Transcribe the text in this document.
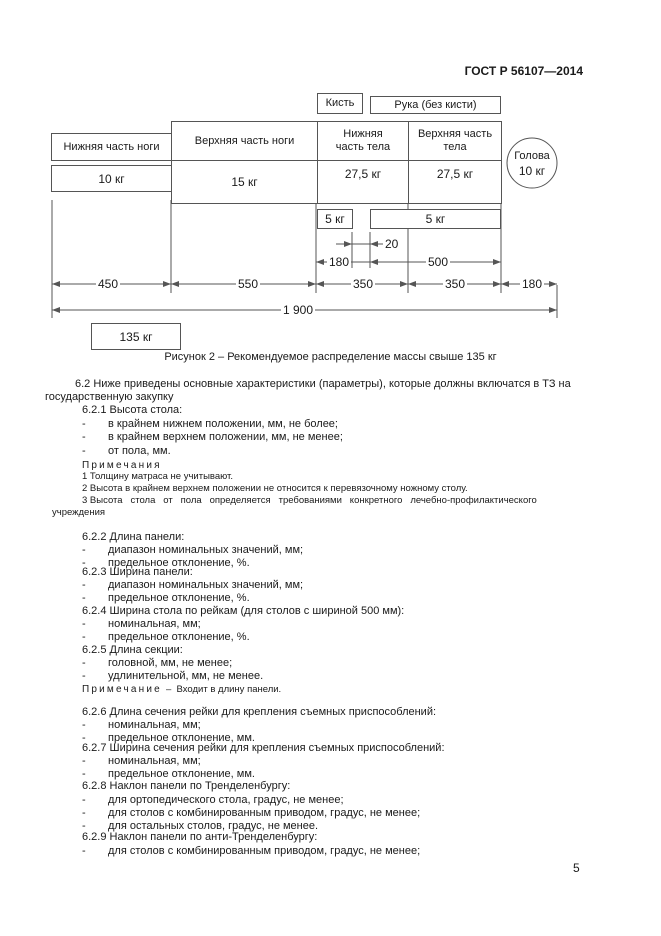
ГОСТ Р 56107—2014
Кисть	Рука (без кисти)
Нижняя часть ноги	Верхняя часть ноги
Нижняя часть тела
Верхняя часть тела
10 кг	15 кг
27,5 кг	27,5 кг
Голова
10 кг
5 кг	5 кг
20
180	500
450	550	350	350	180
1 900
135 кг
Рисунок 2 – Рекомендуемое распределение массы свыше 135 кг
6.2 Ниже приведены основные характеристики (параметры), которые должны включатся в ТЗ на
государственную закупку
6.2.1 Высота стола:
- в крайнем нижнем положении, мм, не более;
- в крайнем верхнем положении, мм, не менее;
- от пола, мм.
Примечания
1 Толщину матраса не учитывают.
2 Высота в крайнем верхнем положении не относится к перевязочному ножному столу.
3 Высота   стола   от   пола   определяется   требованиями   конкретного   лечебно-профилактического
учреждения
6.2.2 Длина панели:
- диапазон номинальных значений, мм;
- предельное отклонение, %.
6.2.3 Ширина панели:
- диапазон номинальных значений, мм;
- предельное отклонение, %.
6.2.4 Ширина стола по рейкам (для столов с шириной 500 мм):
- номинальная, мм;
- предельное отклонение, %.
6.2.5 Длина секции:
- головной, мм, не менее;
- удлинительной, мм, не менее.
Примечание –  Входит в длину панели.
6.2.6 Длина сечения рейки для крепления съемных приспособлений:
- номинальная, мм;
- предельное отклонение, мм.
6.2.7 Ширина сечения рейки для крепления съемных приспособлений:
- номинальная, мм;
- предельное отклонение, мм.
6.2.8 Наклон панели по Тренделенбургу:
- для ортопедического стола, градус, не менее;
- для столов с комбинированным приводом, градус, не менее;
- для остальных столов, градус, не менее.
6.2.9 Наклон панели по анти-Тренделенбургу:
- для столов с комбинированным приводом, градус, не менее;
5
